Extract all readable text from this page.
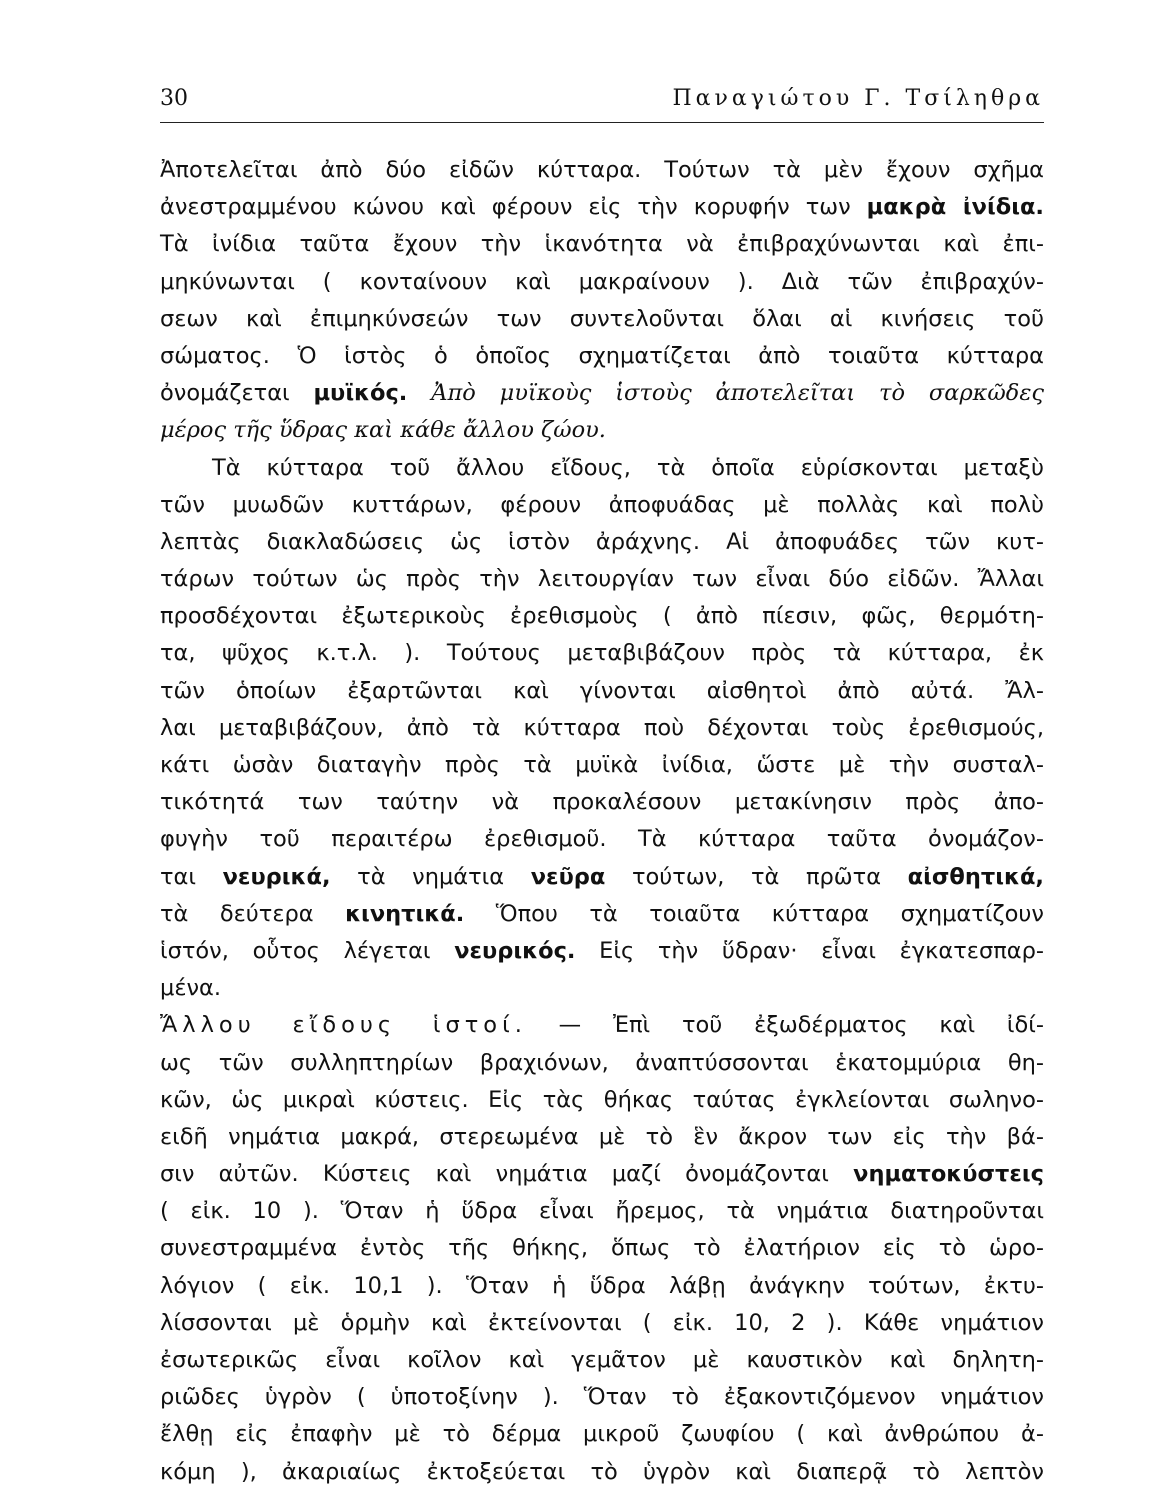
30	Παναγιώτου Γ. Τσίληθρα
Ἀποτελεῖται ἀπὸ δύο εἰδῶν κύτταρα. Τούτων τὰ μὲν ἔχουν σχῆμα
ἀνεστραμμένου κώνου καὶ φέρουν εἰς τὴν κορυφήν των μακρὰ ἰνίδια.
Τὰ ἰνίδια ταῦτα ἔχουν τὴν ἱκανότητα νὰ ἐπιβραχύνωνται καὶ ἐπι-
μηκύνωνται ( κονταίνουν καὶ μακραίνουν ). Διὰ τῶν ἐπιβραχύν-
σεων καὶ ἐπιμηκύνσεών των συντελοῦνται ὅλαι αἱ κινήσεις τοῦ
σώματος. Ὁ ἱστὸς ὁ ὁποῖος σχηματίζεται ἀπὸ τοιαῦτα κύτταρα
ὀνομάζεται μυϊκός. Ἀπὸ μυϊκοὺς ἱστοὺς ἀποτελεῖται τὸ σαρκῶδες
μέρος τῆς ὕδρας καὶ κάθε ἄλλου ζώου.
Τὰ κύτταρα τοῦ ἄλλου εἴδους, τὰ ὁποῖα εὑρίσκονται μεταξὺ
τῶν μυωδῶν κυττάρων, φέρουν ἀποφυάδας μὲ πολλὰς καὶ πολὺ
λεπτὰς διακλαδώσεις ὡς ἱστὸν ἀράχνης. Αἱ ἀποφυάδες τῶν κυτ-
τάρων τούτων ὡς πρὸς τὴν λειτουργίαν των εἶναι δύο εἰδῶν. Ἄλλαι
προσδέχονται ἐξωτερικοὺς ἐρεθισμοὺς ( ἀπὸ πίεσιν, φῶς, θερμότη-
τα, ψῦχος κ.τ.λ. ). Τούτους μεταβιβάζουν πρὸς τὰ κύτταρα, ἐκ
τῶν ὁποίων ἐξαρτῶνται καὶ γίνονται αἰσθητοὶ ἀπὸ αὐτά. Ἄλ-
λαι μεταβιβάζουν, ἀπὸ τὰ κύτταρα ποὺ δέχονται τοὺς ἐρεθισμούς,
κάτι ὡσὰν διαταγὴν πρὸς τὰ μυϊκὰ ἰνίδια, ὥστε μὲ τὴν συσταλ-
τικότητά των ταύτην νὰ προκαλέσουν μετακίνησιν πρὸς ἀπο-
φυγὴν τοῦ περαιτέρω ἐρεθισμοῦ. Τὰ κύτταρα ταῦτα ὀνομάζον-
ται νευρικά, τὰ νημάτια νεῦρα τούτων, τὰ πρῶτα αἰσθητικά,
τὰ δεύτερα κινητικά. Ὅπου τὰ τοιαῦτα κύτταρα σχηματίζουν
ἱστόν, οὗτος λέγεται νευρικός. Εἰς τὴν ὕδραν· εἶναι ἐγκατεσπαρ-
μένα.
Ἄλλου εἴδους ἱστοί. — Ἐπὶ τοῦ ἐξωδέρματος καὶ ἰδί-
ως τῶν συλληπτηρίων βραχιόνων, ἀναπτύσσονται ἑκατομμύρια θη-
κῶν, ὡς μικραὶ κύστεις. Εἰς τὰς θήκας ταύτας ἐγκλείονται σωληνο-
ειδῆ νημάτια μακρά, στερεωμένα μὲ τὸ ἓν ἄκρον των εἰς τὴν βά-
σιν αὐτῶν. Κύστεις καὶ νημάτια μαζί ὀνομάζονται νηματοκύστεις
( εἰκ. 10 ). Ὅταν ἡ ὕδρα εἶναι ἤρεμος, τὰ νημάτια διατηροῦνται
συνεστραμμένα ἐντὸς τῆς θήκης, ὅπως τὸ ἐλατήριον εἰς τὸ ὡρο-
λόγιον ( εἰκ. 10,1 ). Ὅταν ἡ ὕδρα λάβῃ ἀνάγκην τούτων, ἐκτυ-
λίσσονται μὲ ὁρμὴν καὶ ἐκτείνονται ( εἰκ. 10, 2 ). Κάθε νημάτιον
ἐσωτερικῶς εἶναι κοῖλον καὶ γεμᾶτον μὲ καυστικὸν καὶ δηλητη-
ριῶδες ὑγρὸν ( ὑποτοξίνην ). Ὅταν τὸ ἐξακοντιζόμενον νημάτιον
ἔλθῃ εἰς ἐπαφὴν μὲ τὸ δέρμα μικροῦ ζωυφίου ( καὶ ἀνθρώπου ἀ-
κόμη ), ἀκαριαίως ἐκτοξεύεται τὸ ὑγρὸν καὶ διαπερᾷ τὸ λεπτὸν
